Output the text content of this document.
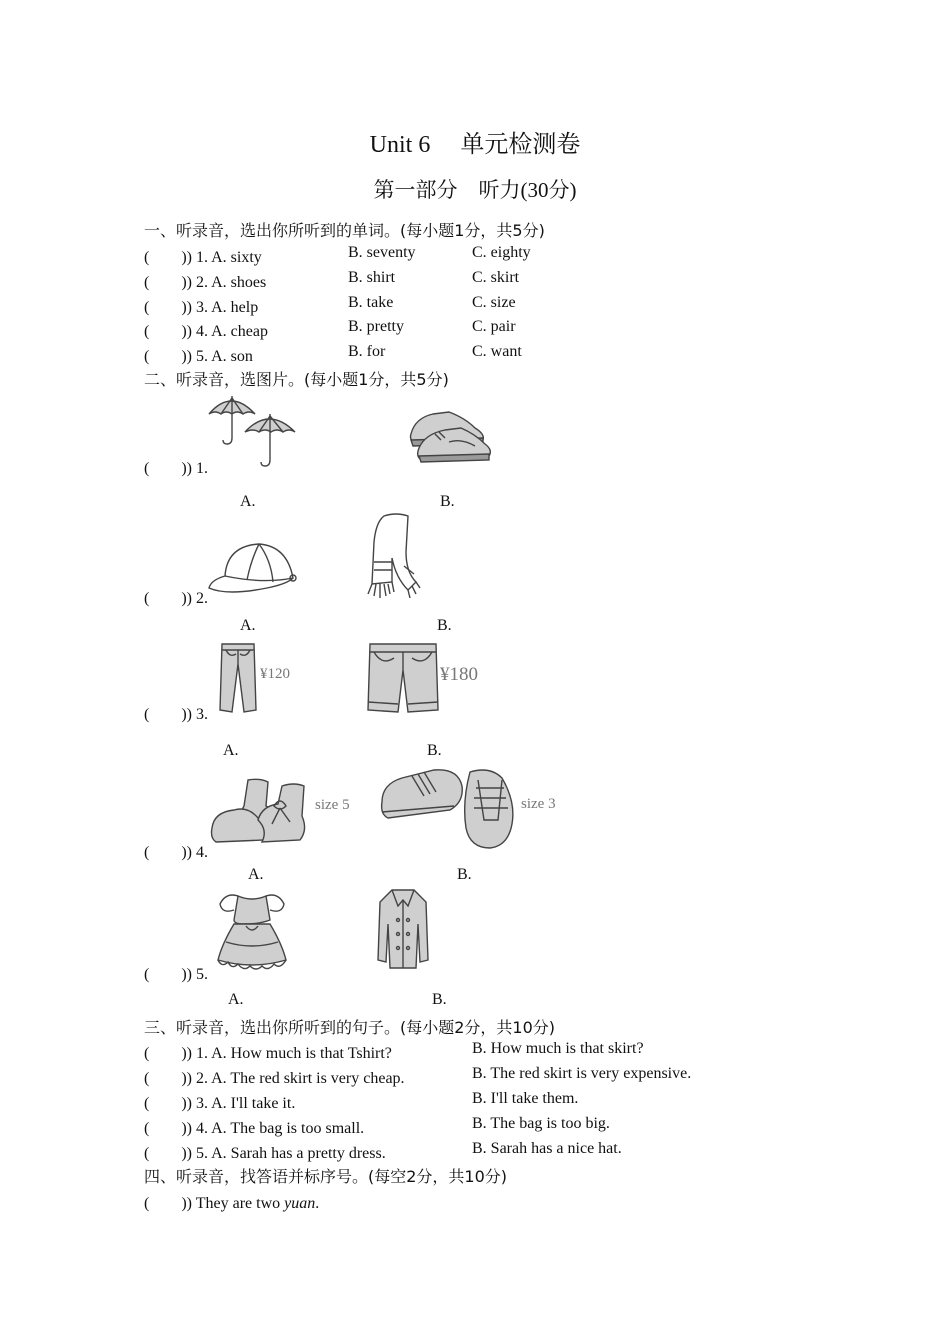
Unit 6　 单元检测卷
第一部分　听力(30分)
一、听录音，选出你所听到的单词。(每小题1分，共5分)
(　　)) 1. A. sixty	B. seventy	C. eighty
(　　)) 2. A. shoes	B. shirt	C. skirt
(　　)) 3. A. help	B. take	C. size
(　　)) 4. A. cheap	B. pretty	C. pair
(　　)) 5. A. son	B. for	C. want
二、听录音，选图片。(每小题1分，共5分)
(　　)) 1.
A.	B.
(　　)) 2.
A.	B.
(　　)) 3.
¥120	¥180
A.	B.
(　　)) 4.
size 5	size 3
A.	B.
(　　)) 5.
A.	B.
三、听录音，选出你所听到的句子。(每小题2分，共10分)
(　　)) 1. A. How much is that Tshirt?	B. How much is that skirt?
(　　)) 2. A. The red skirt is very cheap.	B. The red skirt is very expensive.
(　　)) 3. A. I'll take it.	B. I'll take them.
(　　)) 4. A. The bag is too small.	B. The bag is too big.
(　　)) 5. A. Sarah has a pretty dress.	B. Sarah has a nice hat.
四、听录音，找答语并标序号。(每空2分，共10分)
(　　)) They are two yuan.
